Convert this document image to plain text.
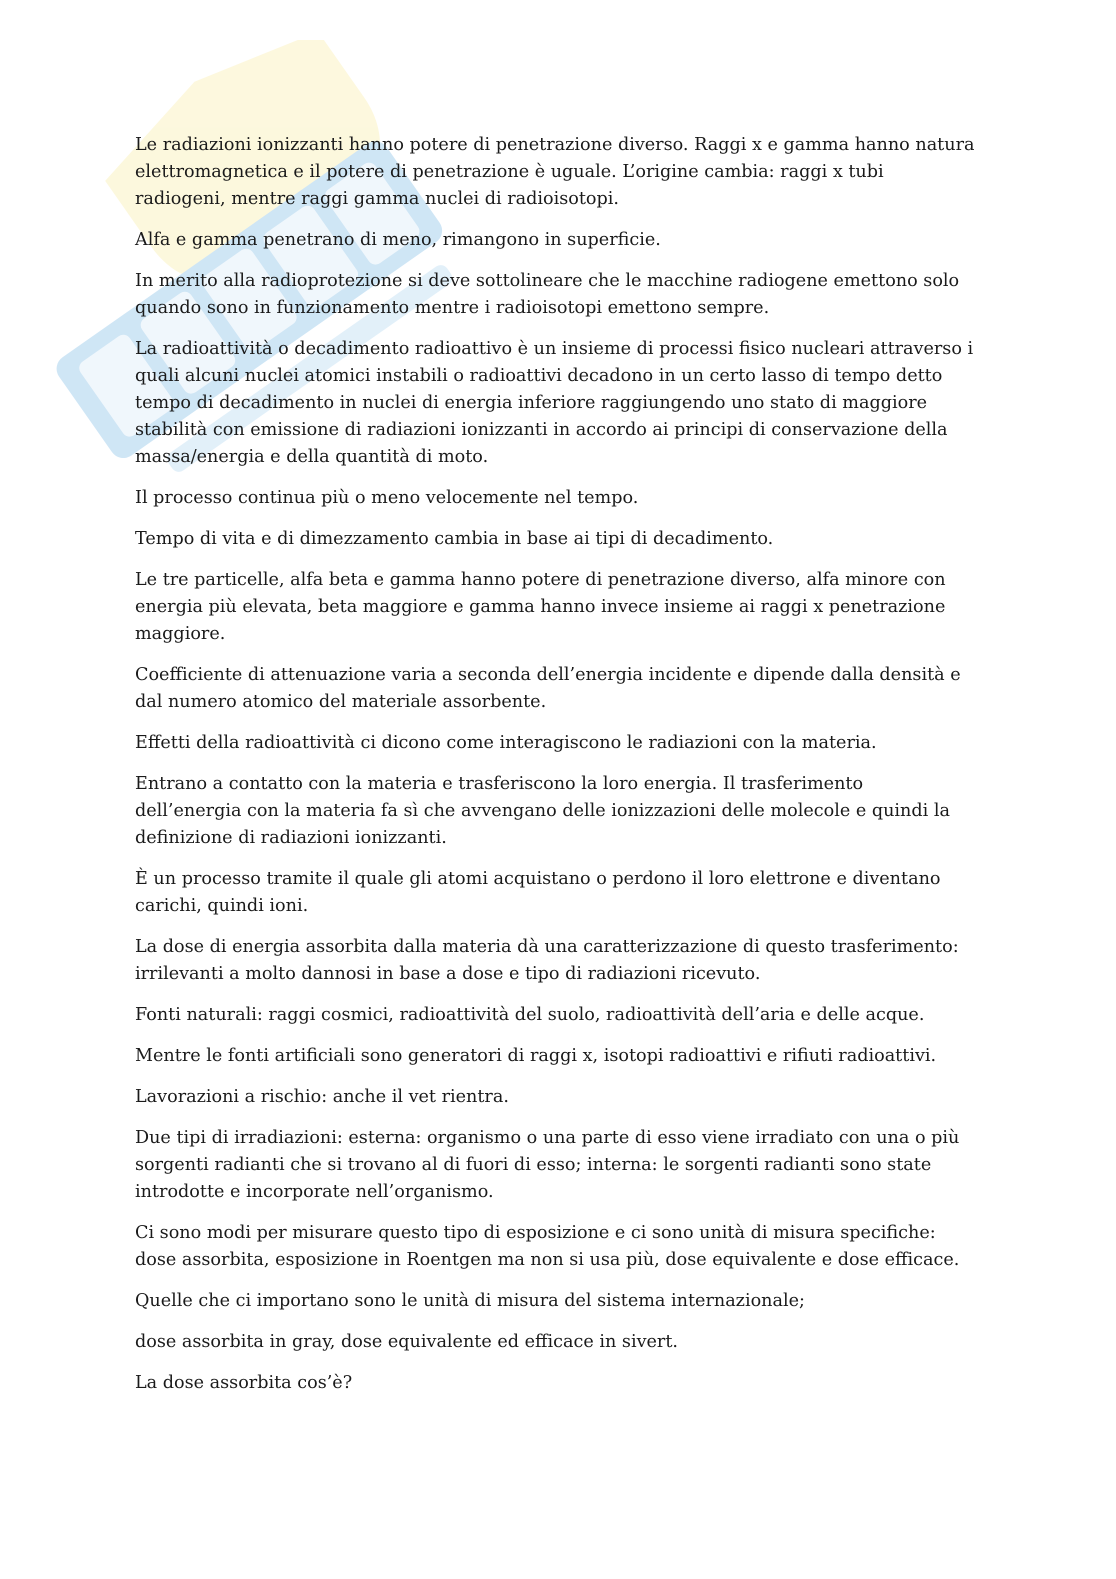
Le radiazioni ionizzanti hanno potere di penetrazione diverso. Raggi x e gamma hanno natura elettromagnetica e il potere di penetrazione è uguale. L’origine cambia: raggi x tubi radiogeni, mentre raggi gamma nuclei di radioisotopi.

Alfa e gamma penetrano di meno, rimangono in superficie.

In merito alla radioprotezione si deve sottolineare che le macchine radiogene emettono solo quando sono in funzionamento mentre i radioisotopi emettono sempre.

La radioattività o decadimento radioattivo è un insieme di processi fisico nucleari attraverso i quali alcuni nuclei atomici instabili o radioattivi decadono in un certo lasso di tempo detto tempo di decadimento in nuclei di energia inferiore raggiungendo uno stato di maggiore stabilità con emissione di radiazioni ionizzanti in accordo ai principi di conservazione della massa/energia e della quantità di moto.

Il processo continua più o meno velocemente nel tempo.

Tempo di vita e di dimezzamento cambia in base ai tipi di decadimento.

Le tre particelle, alfa beta e gamma hanno potere di penetrazione diverso, alfa minore con energia più elevata, beta maggiore e gamma hanno invece insieme ai raggi x penetrazione maggiore.

Coefficiente di attenuazione varia a seconda dell’energia incidente e dipende dalla densità e dal numero atomico del materiale assorbente.

Effetti della radioattività ci dicono come interagiscono le radiazioni con la materia.

Entrano a contatto con la materia e trasferiscono la loro energia. Il trasferimento dell’energia con la materia fa sì che avvengano delle ionizzazioni delle molecole e quindi la definizione di radiazioni ionizzanti.

È un processo tramite il quale gli atomi acquistano o perdono il loro elettrone e diventano carichi, quindi ioni.

La dose di energia assorbita dalla materia dà una caratterizzazione di questo trasferimento: irrilevanti a molto dannosi in base a dose e tipo di radiazioni ricevuto.

Fonti naturali: raggi cosmici, radioattività del suolo, radioattività dell’aria e delle acque.

Mentre le fonti artificiali sono generatori di raggi x, isotopi radioattivi e rifiuti radioattivi.

Lavorazioni a rischio: anche il vet rientra.

Due tipi di irradiazioni: esterna: organismo o una parte di esso viene irradiato con una o più sorgenti radianti che si trovano al di fuori di esso; interna: le sorgenti radianti sono state introdotte e incorporate nell’organismo.

Ci sono modi per misurare questo tipo di esposizione e ci sono unità di misura specifiche: dose assorbita, esposizione in Roentgen ma non si usa più, dose equivalente e dose efficace.

Quelle che ci importano sono le unità di misura del sistema internazionale;

dose assorbita in gray, dose equivalente ed efficace in sivert.

La dose assorbita cos’è?
